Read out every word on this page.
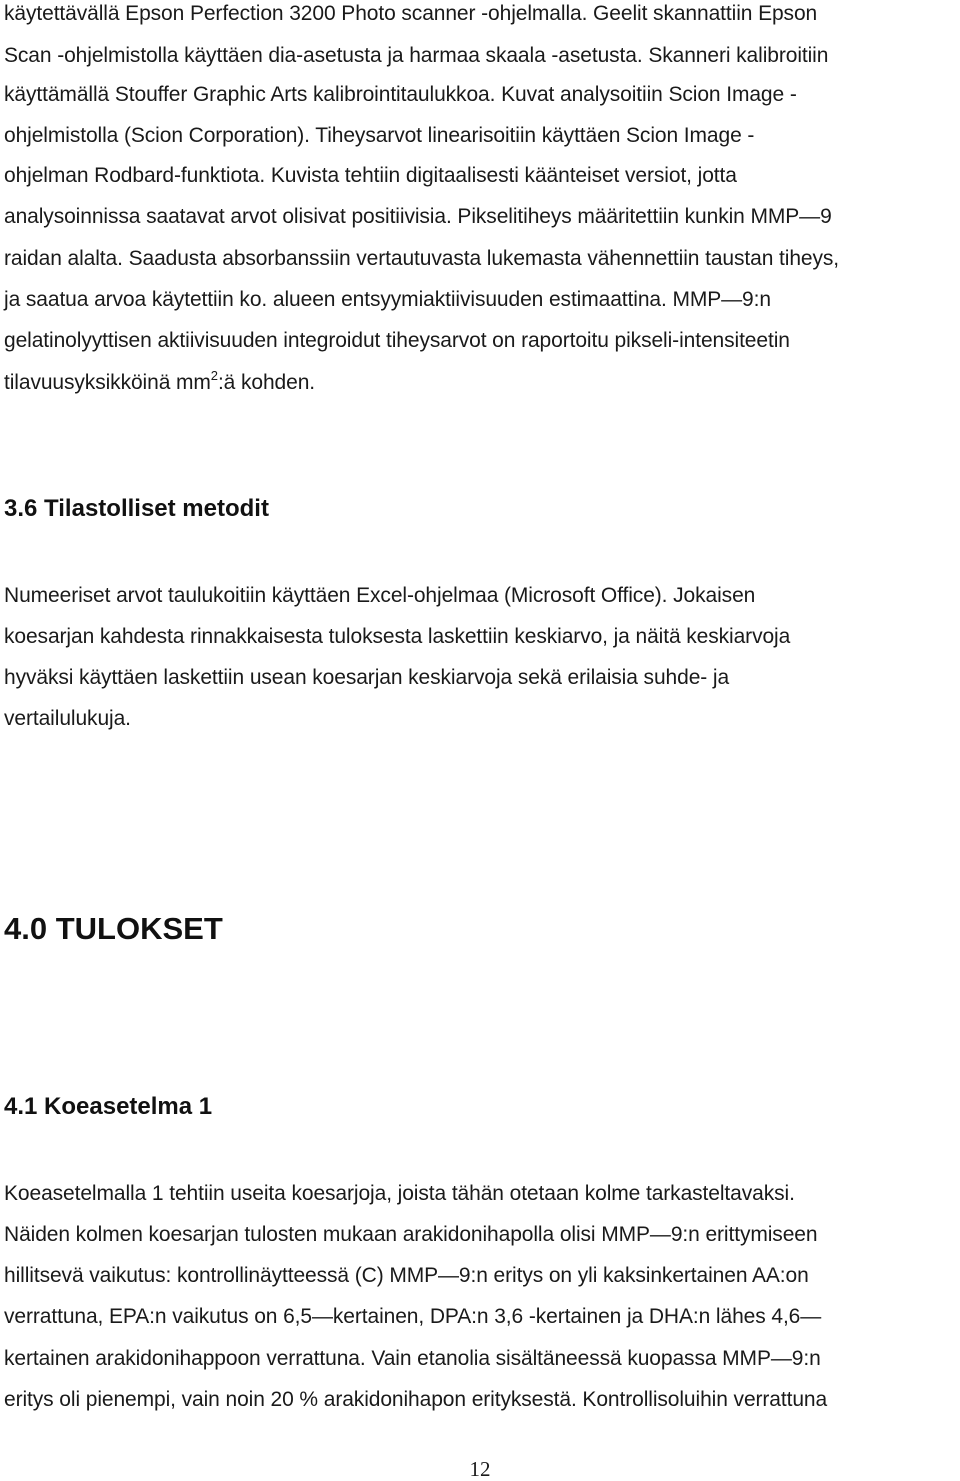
käytettävällä Epson Perfection 3200 Photo scanner -ohjelmalla. Geelit skannattiin Epson
Scan -ohjelmistolla käyttäen dia-asetusta ja harmaa skaala -asetusta. Skanneri kalibroitiin
käyttämällä Stouffer Graphic Arts kalibrointitaulukkoa. Kuvat analysoitiin Scion Image -
ohjelmistolla (Scion Corporation). Tiheysarvot linearisoitiin käyttäen Scion Image -
ohjelman Rodbard-funktiota. Kuvista tehtiin digitaalisesti käänteiset versiot, jotta
analysoinnissa saatavat arvot olisivat positiivisia. Pikselitiheys määritettiin kunkin MMP—9
raidan alalta. Saadusta absorbanssiin vertautuvasta lukemasta vähennettiin taustan tiheys,
ja saatua arvoa käytettiin ko. alueen entsyymiaktiivisuuden estimaattina. MMP—9:n
gelatinolyyttisen aktiivisuuden integroidut tiheysarvot on raportoitu pikseli-intensiteetin
tilavuusyksikköinä $mm^2:ä$ kohden.
3.6 Tilastolliset metodit
Numeeriset arvot taulukoitiin käyttäen Excel-ohjelmaa (Microsoft Office). Jokaisen
koesarjan kahdesta rinnakkaisesta tuloksesta laskettiin keskiarvo, ja näitä keskiarvoja
hyväksi käyttäen laskettiin usean koesarjan keskiarvoja sekä erilaisia suhde- ja
vertailulukuja.
4.0 TULOKSET
4.1 Koeasetelma 1
Koeasetelmalla 1 tehtiin useita koesarjoja, joista tähän otetaan kolme tarkasteltavaksi.
Näiden kolmen koesarjan tulosten mukaan arakidonihapolla olisi MMP—9:n erittymiseen
hillitsevä vaikutus: kontrollinäytteessä (C) MMP—9:n eritys on yli kaksinkertainen AA:on
verrattuna, EPA:n vaikutus on 6,5—kertainen, DPA:n 3,6 -kertainen ja DHA:n lähes 4,6—
kertainen arakidonihappoon verrattuna. Vain etanolia sisältäneessä kuopassa MMP—9:n
eritys oli pienempi, vain noin 20 % arakidonihapon erityksestä. Kontrollisoluihin verrattuna
12
